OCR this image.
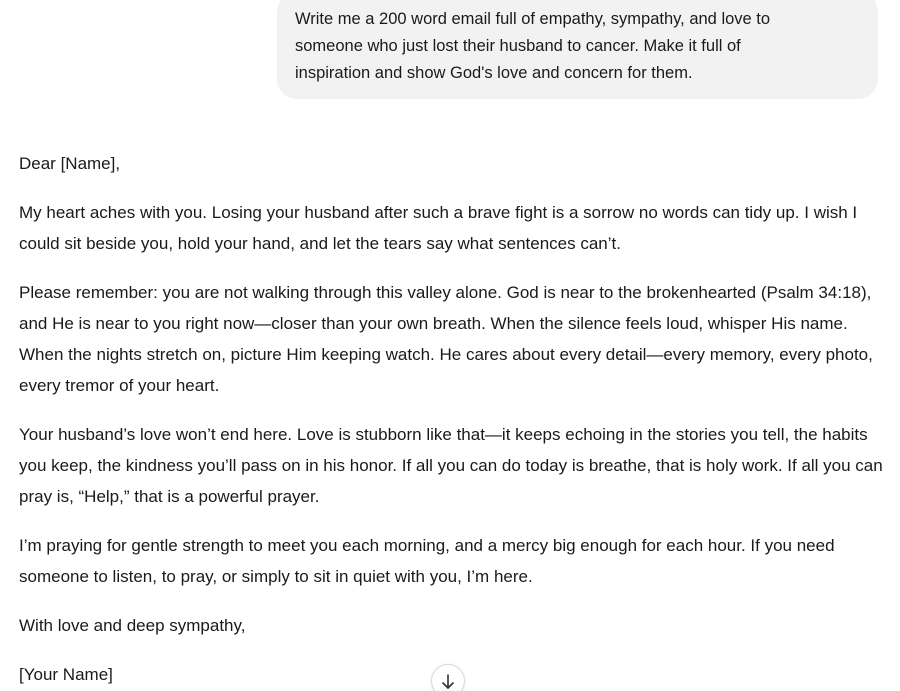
Write me a 200 word email full of empathy, sympathy, and love to

someone who just lost their husband to cancer. Make it full of

inspiration and show God's love and concern for them.

Dear [Name],

My heart aches with you. Losing your husband after such a brave fight is a sorrow no words can tidy up. I wish I could sit beside you, hold your hand, and let the tears say what sentences can’t.

Please remember: you are not walking through this valley alone. God is near to the brokenhearted (Psalm 34:18), and He is near to you right now—closer than your own breath. When the silence feels loud, whisper His name. When the nights stretch on, picture Him keeping watch. He cares about every detail—every memory, every photo, every tremor of your heart.

Your husband’s love won’t end here. Love is stubborn like that—it keeps echoing in the stories you tell, the habits you keep, the kindness you’ll pass on in his honor. If all you can do today is breathe, that is holy work. If all you can pray is, “Help,” that is a powerful prayer.

I’m praying for gentle strength to meet you each morning, and a mercy big enough for each hour. If you need someone to listen, to pray, or simply to sit in quiet with you, I’m here.

With love and deep sympathy,

[Your Name]
